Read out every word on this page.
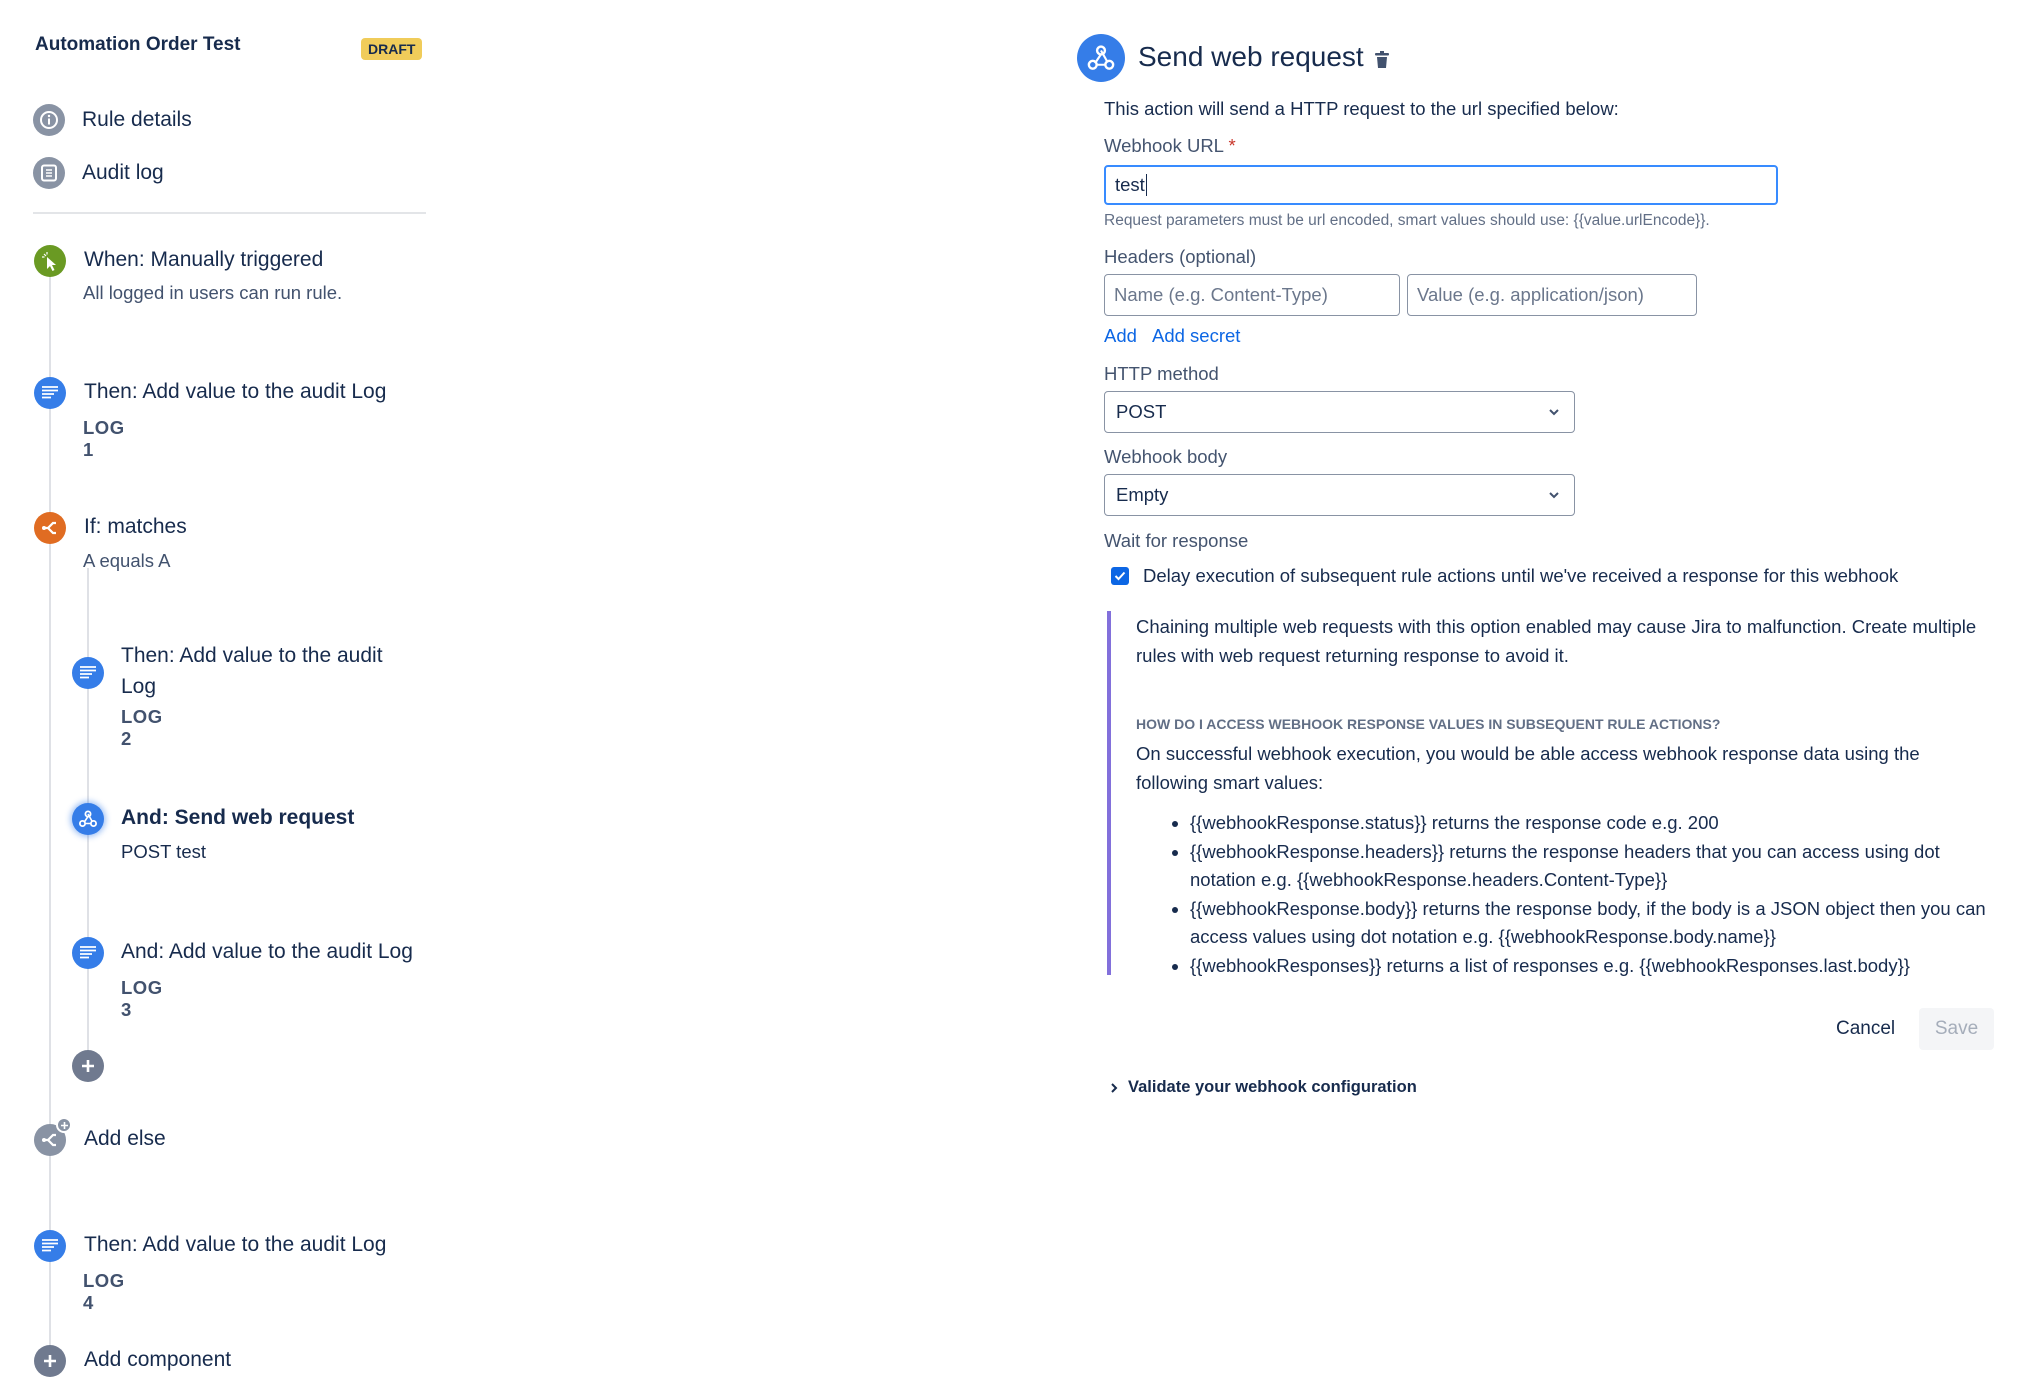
Automation Order Test	DRAFT
Rule details
Audit log
When: Manually triggered
All logged in users can run rule.
Then: Add value to the audit Log
LOG 1
If: matches
A equals A
Then: Add value to the audit Log
LOG 2
And: Send web request
POST test
And: Add value to the audit Log
LOG 3
Add else
Then: Add value to the audit Log
LOG 4
Add component
Send web request
This action will send a HTTP request to the url specified below:
Webhook URL *
test
Request parameters must be url encoded, smart values should use: {{value.urlEncode}}.
Headers (optional)
Name (e.g. Content-Type)	Value (e.g. application/json)
Add Add secret
HTTP method
POST
Webhook body
Empty
Wait for response
Delay execution of subsequent rule actions until we've received a response for this webhook

Chaining multiple web requests with this option enabled may cause Jira to malfunction. Create multiple rules with web request returning response to avoid it.

HOW DO I ACCESS WEBHOOK RESPONSE VALUES IN SUBSEQUENT RULE ACTIONS?

On successful webhook execution, you would be able access webhook response data using the following smart values:

• {{webhookResponse.status}} returns the response code e.g. 200
• {{webhookResponse.headers}} returns the response headers that you can access using dot notation e.g. {{webhookResponse.headers.Content-Type}}
• {{webhookResponse.body}} returns the response body, if the body is a JSON object then you can access values using dot notation e.g. {{webhookResponse.body.name}}
• {{webhookResponses}} returns a list of responses e.g. {{webhookResponses.last.body}}
Cancel	Save
Validate your webhook configuration
